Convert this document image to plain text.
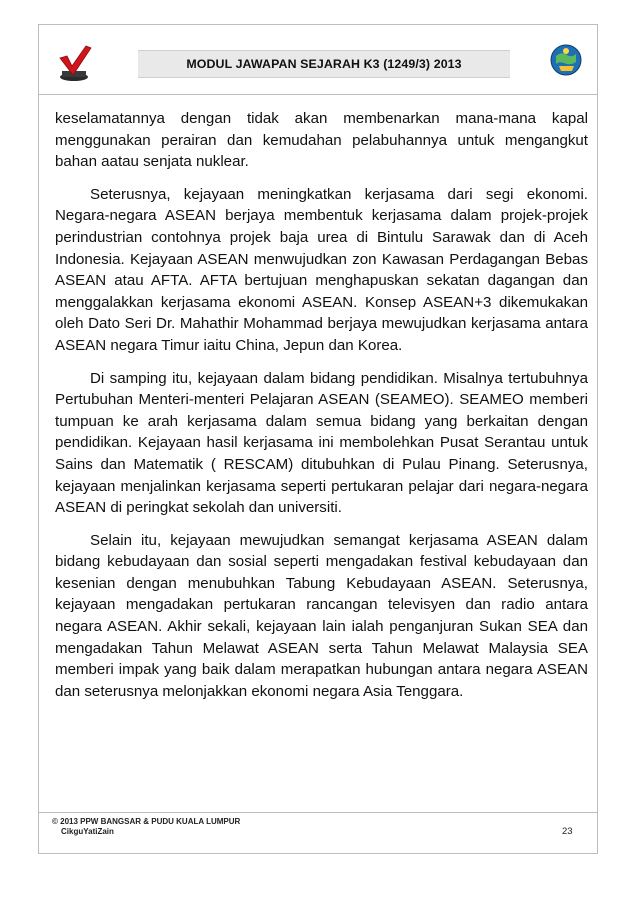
MODUL JAWAPAN SEJARAH K3 (1249/3) 2013

keselamatannya dengan tidak akan membenarkan mana-mana kapal menggunakan perairan dan kemudahan pelabuhannya untuk mengangkut bahan aatau senjata nuklear.

Seterusnya, kejayaan meningkatkan kerjasama dari segi ekonomi. Negara-negara ASEAN berjaya membentuk kerjasama dalam projek-projek perindustrian contohnya projek baja urea di Bintulu Sarawak dan di Aceh Indonesia. Kejayaan ASEAN menwujudkan zon Kawasan Perdagangan Bebas ASEAN atau AFTA. AFTA bertujuan menghapuskan sekatan dagangan dan menggalakkan kerjasama ekonomi ASEAN. Konsep ASEAN+3 dikemukakan oleh Dato Seri Dr. Mahathir Mohammad berjaya mewujudkan kerjasama antara ASEAN negara Timur iaitu China, Jepun dan Korea.

Di samping itu, kejayaan dalam bidang pendidikan. Misalnya tertubuhnya Pertubuhan Menteri-menteri Pelajaran ASEAN (SEAMEO). SEAMEO memberi tumpuan ke arah kerjasama dalam semua bidang yang berkaitan dengan pendidikan. Kejayaan hasil kerjasama ini membolehkan Pusat Serantau untuk Sains dan Matematik ( RESCAM) ditubuhkan di Pulau Pinang. Seterusnya, kejayaan menjalinkan kerjasama seperti pertukaran pelajar dari negara-negara ASEAN di peringkat sekolah dan universiti.

Selain itu, kejayaan mewujudkan semangat kerjasama ASEAN dalam bidang kebudayaan dan sosial seperti mengadakan festival kebudayaan dan kesenian dengan menubuhkan Tabung Kebudayaan ASEAN. Seterusnya, kejayaan mengadakan pertukaran rancangan televisyen dan radio antara negara ASEAN. Akhir sekali, kejayaan lain ialah penganjuran Sukan SEA dan mengadakan Tahun Melawat ASEAN serta Tahun Melawat Malaysia SEA memberi impak yang baik dalam merapatkan hubungan antara negara ASEAN dan seterusnya melonjakkan ekonomi negara Asia Tenggara.

© 2013 PPW BANGSAR & PUDU KUALA LUMPUR
CikguYatiZain	23
